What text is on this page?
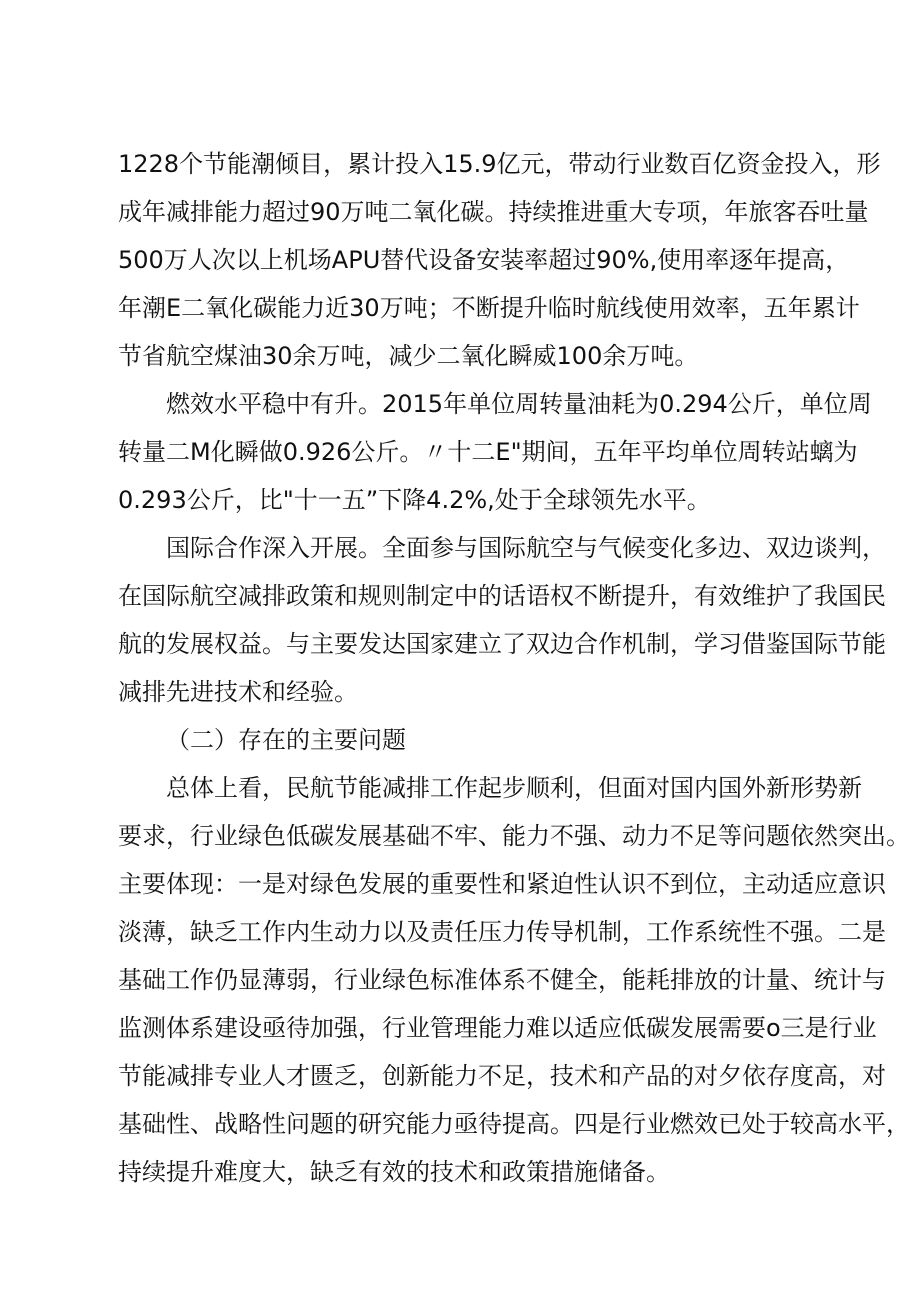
1228个节能潮倾目，累计投入15.9亿元，带动行业数百亿资金投入，形
成年减排能力超过90万吨二氧化碳。持续推进重大专项，年旅客吞吐量
500万人次以上机场APU替代设备安装率超过90%,使用率逐年提高，
年潮E二氧化碳能力近30万吨；不断提升临时航线使用效率，五年累计
节省航空煤油30余万吨，减少二氧化瞬威100余万吨。
燃效水平稳中有升。2015年单位周转量油耗为0.294公斤，单位周
转量二M化瞬做0.926公斤。〃十二E"期间，五年平均单位周转站螭为
0.293公斤，比"十一五”下降4.2%,处于全球领先水平。
国际合作深入开展。全面参与国际航空与气候变化多边、双边谈判，
在国际航空减排政策和规则制定中的话语权不断提升，有效维护了我国民
航的发展权益。与主要发达国家建立了双边合作机制，学习借鉴国际节能
减排先进技术和经验。
（二）存在的主要问题
总体上看，民航节能减排工作起步顺利，但面对国内国外新形势新
要求，行业绿色低碳发展基础不牢、能力不强、动力不足等问题依然突出。
主要体现：一是对绿色发展的重要性和紧迫性认识不到位，主动适应意识
淡薄，缺乏工作内生动力以及责任压力传导机制，工作系统性不强。二是
基础工作仍显薄弱，行业绿色标准体系不健全，能耗排放的计量、统计与
监测体系建设亟待加强，行业管理能力难以适应低碳发展需要o三是行业
节能减排专业人才匮乏，创新能力不足，技术和产品的对夕依存度高，对
基础性、战略性问题的研究能力亟待提高。四是行业燃效已处于较高水平，
持续提升难度大，缺乏有效的技术和政策措施储备。
